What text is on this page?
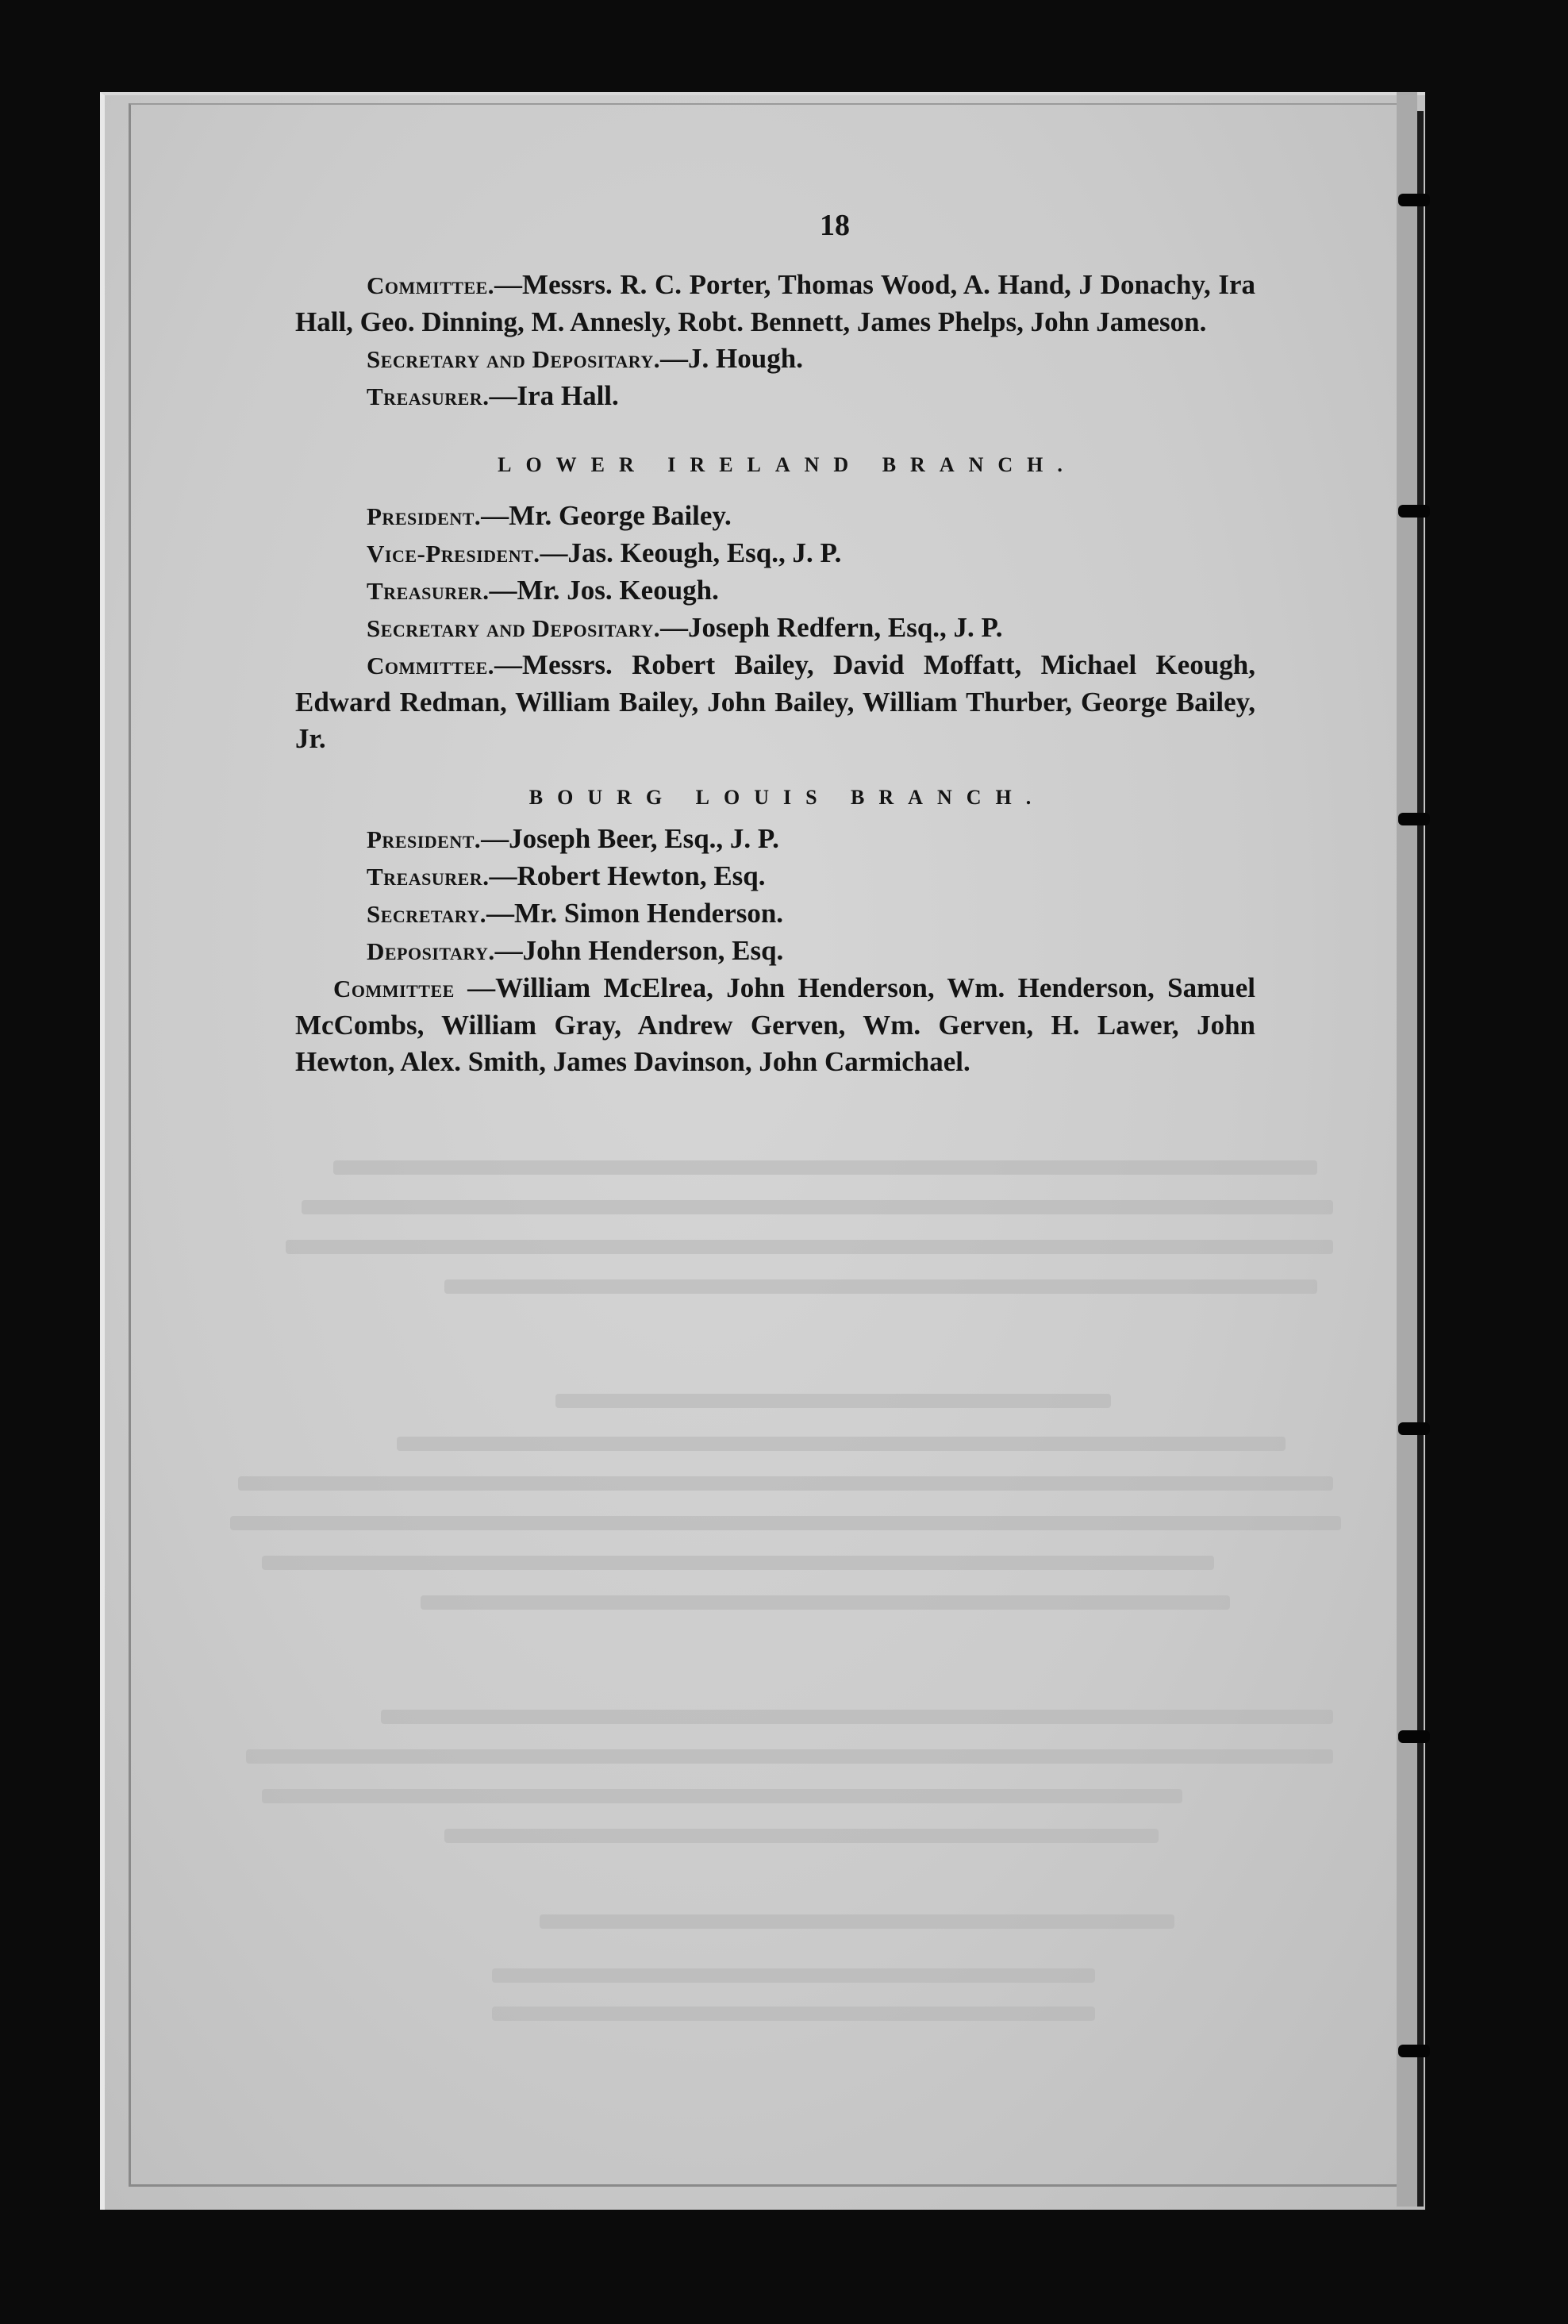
18

Committee.—Messrs. R. C. Porter, Thomas Wood, A. Hand, J Donachy, Ira Hall, Geo. Dinning, M. Annesly, Robt. Bennett, James Phelps, John Jameson.

Secretary and Depositary.—J. Hough.

Treasurer.—Ira Hall.

LOWER IRELAND BRANCH.

President.—Mr. George Bailey.

Vice-President.—Jas. Keough, Esq., J. P.

Treasurer.—Mr. Jos. Keough.

Secretary and Depositary.—Joseph Redfern, Esq., J. P.

Committee.—Messrs. Robert Bailey, David Moffatt, Michael Keough, Edward Redman, William Bailey, John Bailey, William Thurber, George Bailey, Jr.

BOURG LOUIS BRANCH.

President.—Joseph Beer, Esq., J. P.

Treasurer.—Robert Hewton, Esq.

Secretary.—Mr. Simon Henderson.

Depositary.—John Henderson, Esq.

Committee —William McElrea, John Henderson, Wm. Henderson, Samuel McCombs, William Gray, Andrew Gerven, Wm. Gerven, H. Lawer, John Hewton, Alex. Smith, James Davinson, John Carmichael.
